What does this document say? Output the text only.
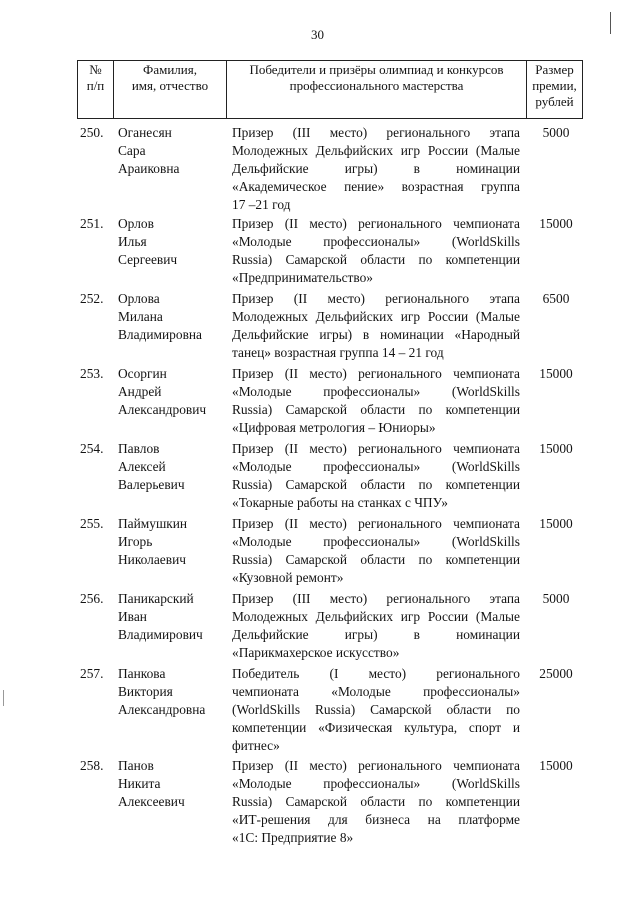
30
№
п/п
Фамилия,
имя, отчество
Победители и призёры олимпиад и конкурсов
профессионального мастерства
Размер
премии,
рублей
250. Оганесян
Сара
Араиковна
Призер (III место) регионального этапа
Молодежных Дельфийских игр России (Малые
Дельфийские игры) в номинации
«Академическое пение» возрастная группа
17 –21 год
5000
251. Орлов
Илья
Сергеевич
Призер (II место) регионального чемпионата
«Молодые профессионалы» (WorldSkills
Russia) Самарской области по компетенции
«Предпринимательство»
15000
252. Орлова
Милана
Владимировна
Призер (II место) регионального этапа
Молодежных Дельфийских игр России (Малые
Дельфийские игры) в номинации «Народный
танец» возрастная группа 14 – 21 год
6500
253. Осоргин
Андрей
Александрович
Призер (II место) регионального чемпионата
«Молодые профессионалы» (WorldSkills
Russia) Самарской области по компетенции
«Цифровая метрология – Юниоры»
15000
254. Павлов
Алексей
Валерьевич
Призер (II место) регионального чемпионата
«Молодые профессионалы» (WorldSkills
Russia) Самарской области по компетенции
«Токарные работы на станках с ЧПУ»
15000
255. Паймушкин
Игорь
Николаевич
Призер (II место) регионального чемпионата
«Молодые профессионалы» (WorldSkills
Russia) Самарской области по компетенции
«Кузовной ремонт»
15000
256. Паникарский
Иван
Владимирович
Призер (III место) регионального этапа
Молодежных Дельфийских игр России (Малые
Дельфийские игры) в номинации
«Парикмахерское искусство»
5000
257. Панкова
Виктория
Александровна
Победитель (I место) регионального
чемпионата «Молодые профессионалы»
(WorldSkills Russia) Самарской области по
компетенции «Физическая культура, спорт и
фитнес»
25000
258. Панов
Никита
Алексеевич
Призер (II место) регионального чемпионата
«Молодые профессионалы» (WorldSkills
Russia) Самарской области по компетенции
«ИТ-решения для бизнеса на платформе
«1С: Предприятие 8»
15000
